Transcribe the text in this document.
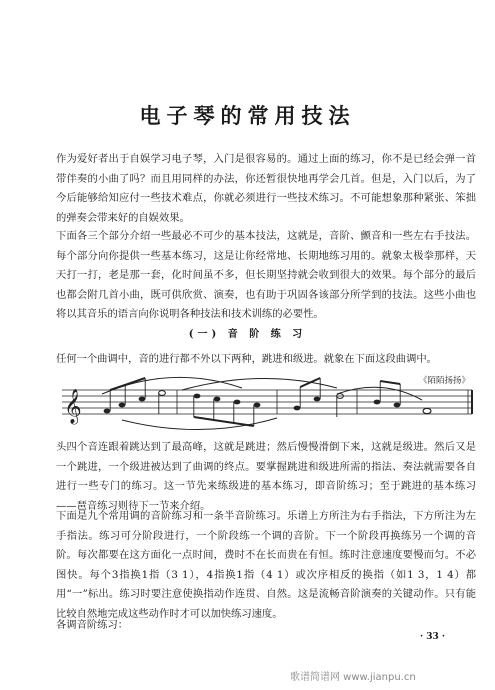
电子琴的常用技法
作为爱好者出于自娱学习电子琴，入门是很容易的。通过上面的练习，你不是已经会弹一首带伴奏的小曲了吗？而且用同样的办法，你还暂很快地再学会几首。但是，入门以后，为了今后能够给知应付一些技术难点，你就必须进行一些技术练习。不可能想象那种紧张、笨拙的弹奏会带来好的自娱效果。
下面各三个部分介绍一些最必不可少的基本技法，这就是，音阶、颤音和一些左右手技法。每个部分向你提供一些基本练习，这是让你经常地、长期地练习用的。就象太极拳那样，天天打一打，老是那一套，化时间虽不多，但长期坚持就会收到很大的效果。每个部分的最后也都会附几首小曲，既可供欣赏、演奏，也有助于巩固各该部分所学到的技法。这些小曲也将以其音乐的语言向你说明各种技法和技术训练的必要性。
(一) 音 阶 练 习
任何一个曲调中，音的进行都不外以下两种，跳进和级进。就象在下面这段曲调中。
《陌陌扬扬》
𝄞
头四个音连跟着跳达到了最高峰，这就是跳进；然后慢慢滑倒下来，这就是级进。然后又是一个跳进，一个级进被达到了曲调的终点。要掌握跳进和级进所需的指法、奏法就需要各自进行一些专门的练习。这一节先来练级进的基本练习，即音阶练习；至于跳进的基本练习——琶音练习则待下一节来介绍。
下面是九个常用调的音阶练习和一条半音阶练习。乐谱上方所注为右手指法，下方所注为左手指法。练习可分阶段进行，一个阶段练一个调的音阶。下一个阶段再换练另一个调的音阶。每次都要在这方面化一点时间，费时不在长而贵在有恒。练时注意速度要慢而匀。不必图快。每个3指换1指（3 1），4指换1指（4 1）或次序相反的换指（如1 3，1 4）都用“一”标出。练习时要注意使换指动作连贯、自然。这是流畅音阶演奏的关键动作。只有能比较自然地完成这些动作时才可以加快练习速度。
各调音阶练习：
· 33 ·
歌谱简谱网 www.jianpu.cn
